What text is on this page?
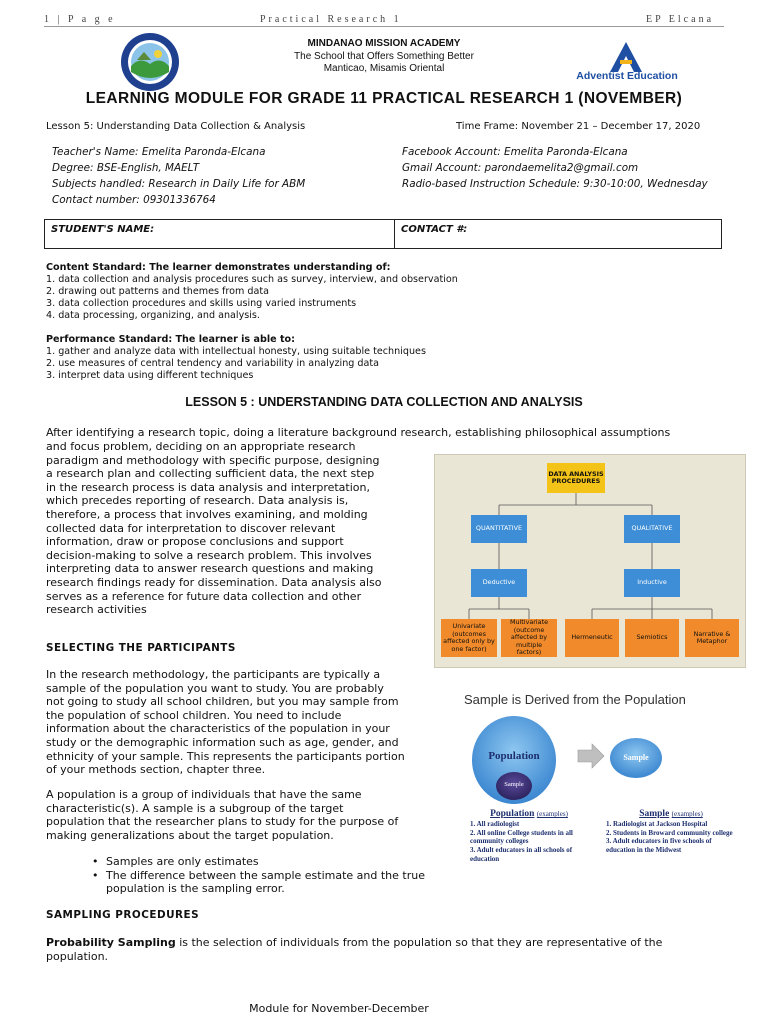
1 | P a g e	Practical Research 1	EP Elcana
MINDANAO MISSION ACADEMY
The School that Offers Something Better
Manticao, Misamis Oriental
Adventist Education
LEARNING MODULE FOR GRADE 11 PRACTICAL RESEARCH 1 (NOVEMBER)
Lesson 5: Understanding Data Collection & Analysis	Time Frame: November 21 – December 17, 2020
Teacher's Name: Emelita Paronda-Elcana
Degree: BSE-English, MAELT
Subjects handled: Research in Daily Life for ABM
Contact number: 09301336764
Facebook Account: Emelita Paronda-Elcana
Gmail Account: parondaemelita2@gmail.com
Radio-based Instruction Schedule: 9:30-10:00, Wednesday
STUDENT'S NAME:	CONTACT #:
Content Standard: The learner demonstrates understanding of:
1. data collection and analysis procedures such as survey, interview, and observation
2. drawing out patterns and themes from data
3. data collection procedures and skills using varied instruments
4. data processing, organizing, and analysis.
Performance Standard: The learner is able to:
1. gather and analyze data with intellectual honesty, using suitable techniques
2. use measures of central tendency and variability in analyzing data
3. interpret data using different techniques
LESSON 5 : UNDERSTANDING DATA COLLECTION AND ANALYSIS
After identifying a research topic, doing a literature background research, establishing philosophical assumptions
and focus problem, deciding on an appropriate research
paradigm and methodology with specific purpose, designing
a research plan and collecting sufficient data, the next step
in the research process is data analysis and interpretation,
which precedes reporting of research. Data analysis is,
therefore, a process that involves examining, and molding
collected data for interpretation to discover relevant
information, draw or propose conclusions and support
decision-making to solve a research problem. This involves
interpreting data to answer research questions and making
research findings ready for dissemination. Data analysis also
serves as a reference for future data collection and other
research activities
DATA ANALYSIS PROCEDURES
QUANTITATIVE	QUALITATIVE
Deductive	Inductive
Univariate (outcomes affected only by one factor)
Multivariate (outcome affected by multiple factors)
Hermeneutic	Semiotics	Narrative & Metaphor
SELECTING THE PARTICIPANTS
In the research methodology, the participants are typically a
sample of the population you want to study. You are probably
not going to study all school children, but you may sample from
the population of school children. You need to include
information about the characteristics of the population in your
study or the demographic information such as age, gender, and
ethnicity of your sample. This represents the participants portion
of your methods section, chapter three.
A population is a group of individuals that have the same
characteristic(s). A sample is a subgroup of the target
population that the researcher plans to study for the purpose of
making generalizations about the target population.
• Samples are only estimates
• The difference between the sample estimate and the true population is the sampling error.
Sample is Derived from the Population
Population
Sample
Sample
Population (examples)
1. All radiologist
2. All online College students in all community colleges
3. Adult educators in all schools of education
Sample (examples)
1. Radiologist at Jackson Hospital
2. Students in Broward community college
3. Adult educators in five schools of education in the Midwest
SAMPLING PROCEDURES
Probability Sampling is the selection of individuals from the population so that they are representative of the
population.
Module for November-December
